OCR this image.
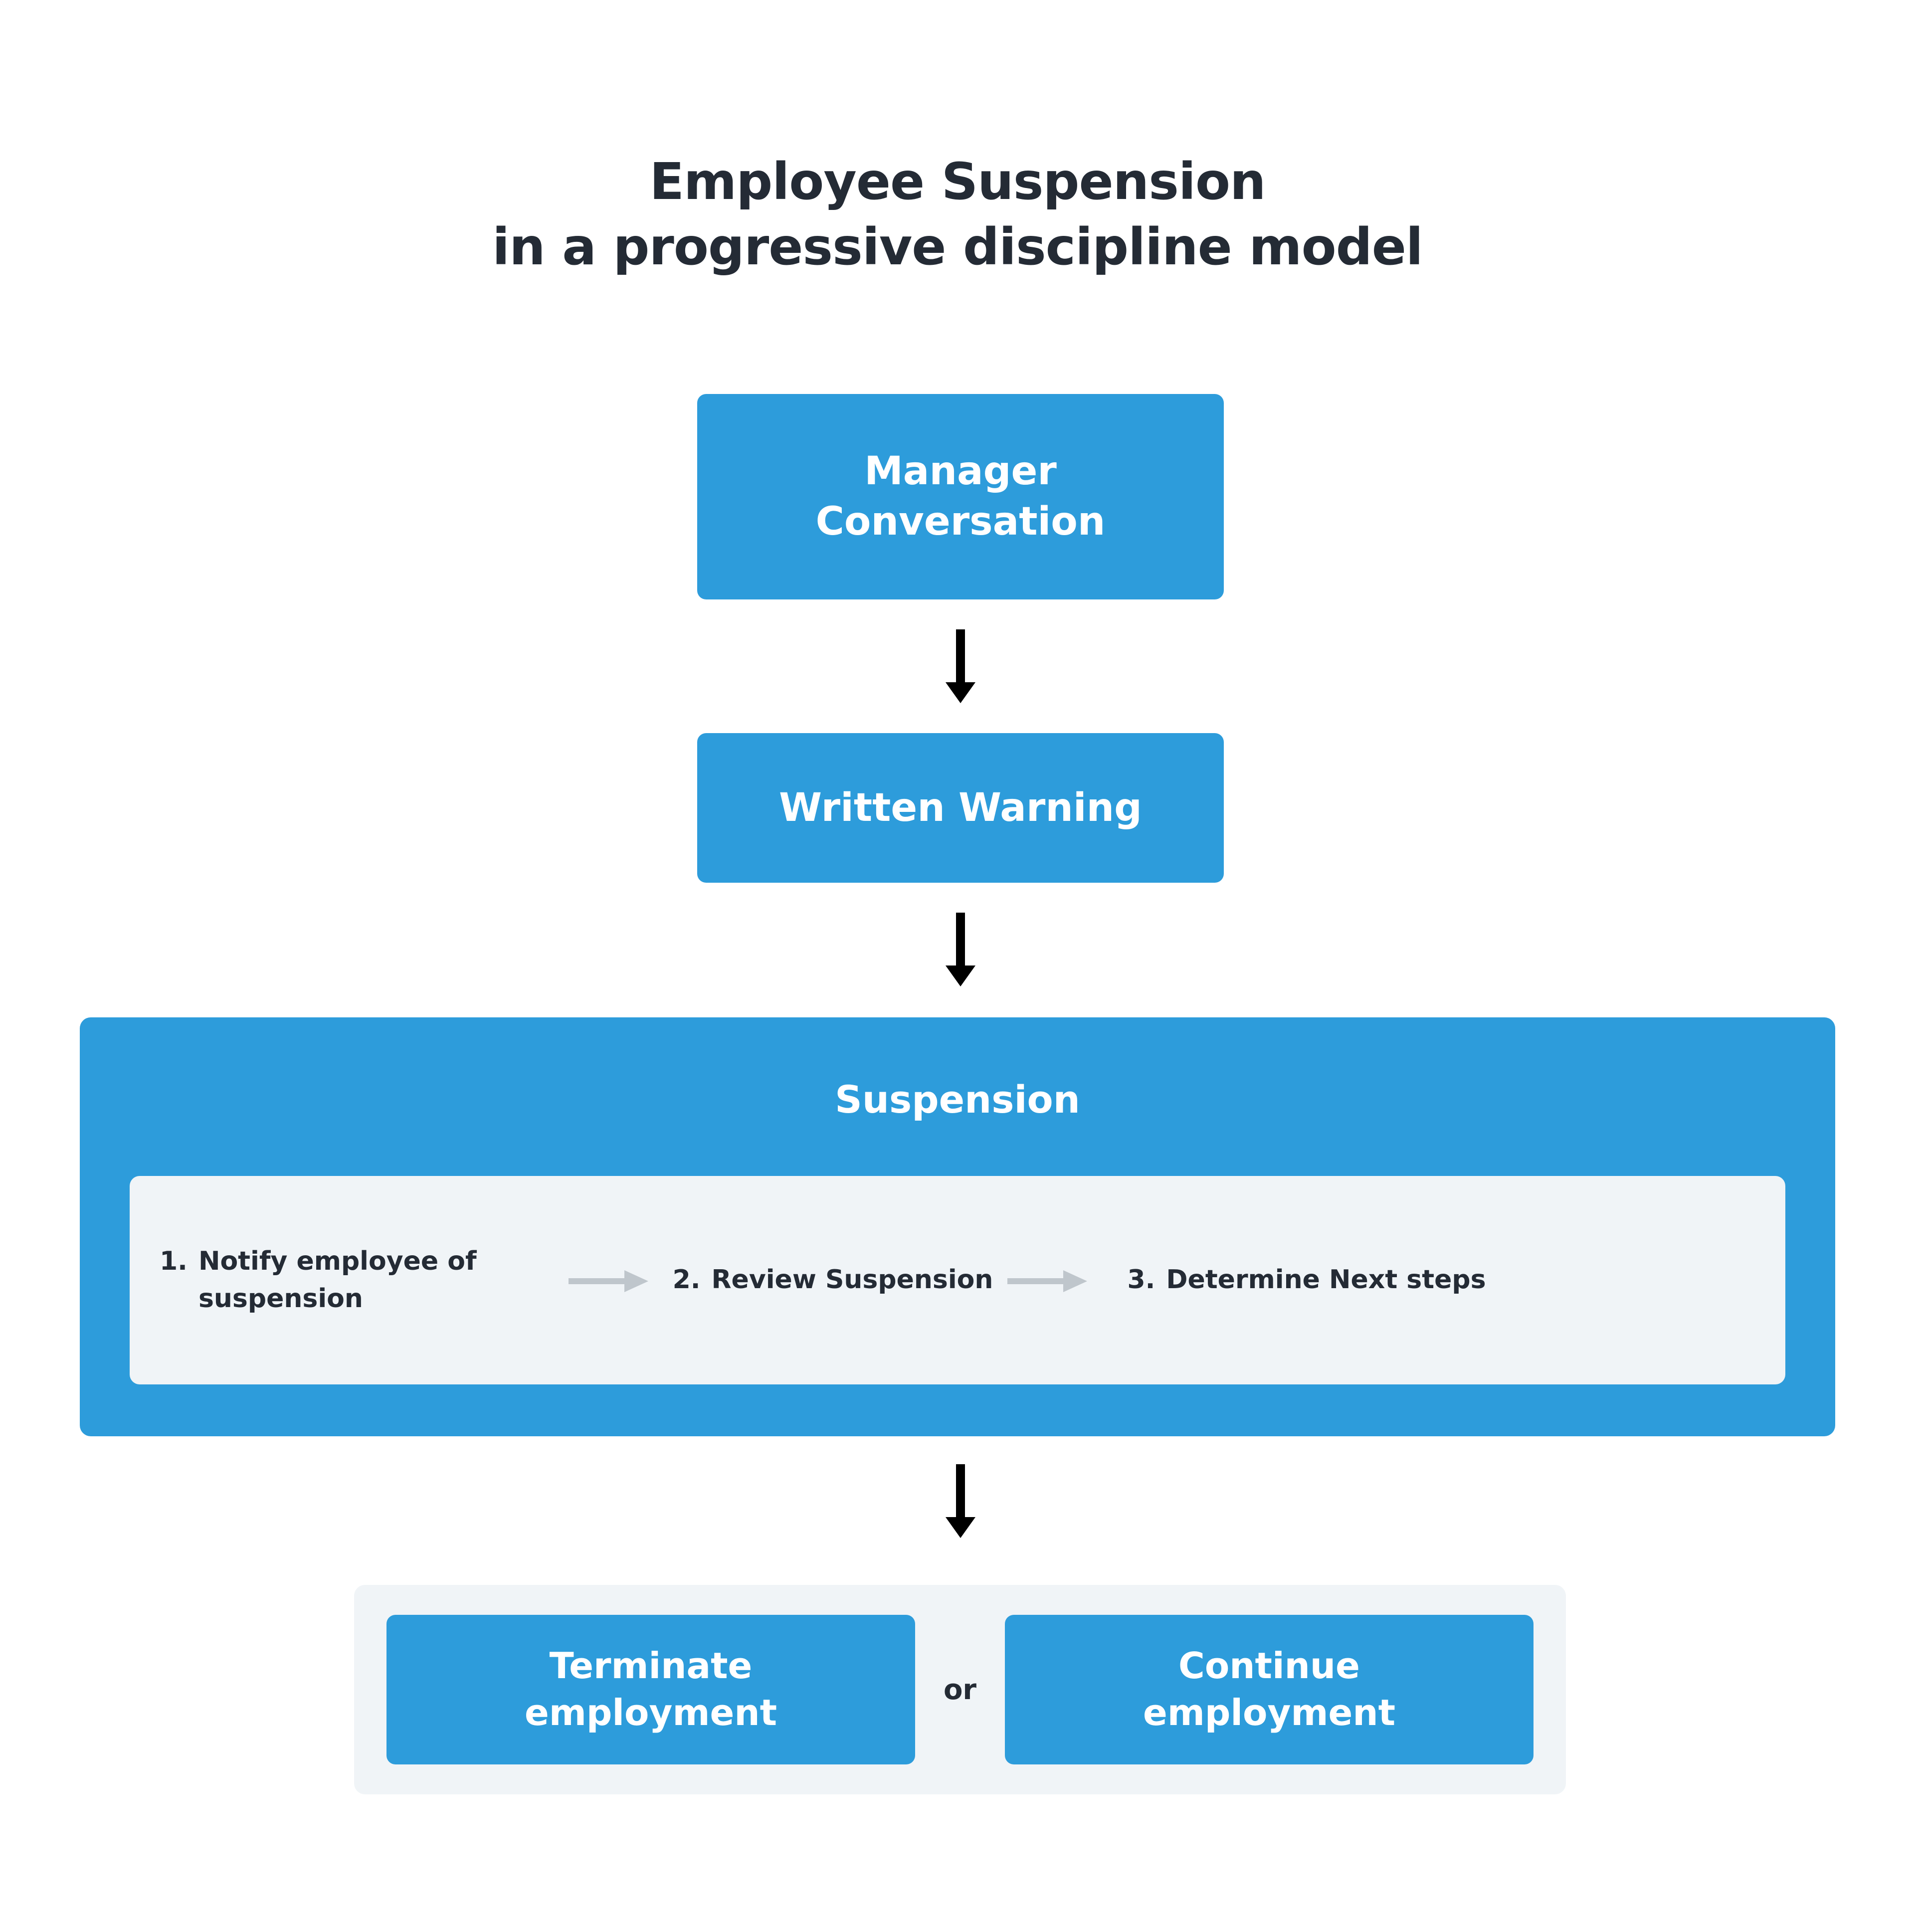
Employee Suspension
in a progressive discipline model
Manager
Conversation
Written Warning
Suspension
1. Notify employee of
suspension
2. Review Suspension	3. Determine Next steps
Terminate
employment
or
Continue
employment
